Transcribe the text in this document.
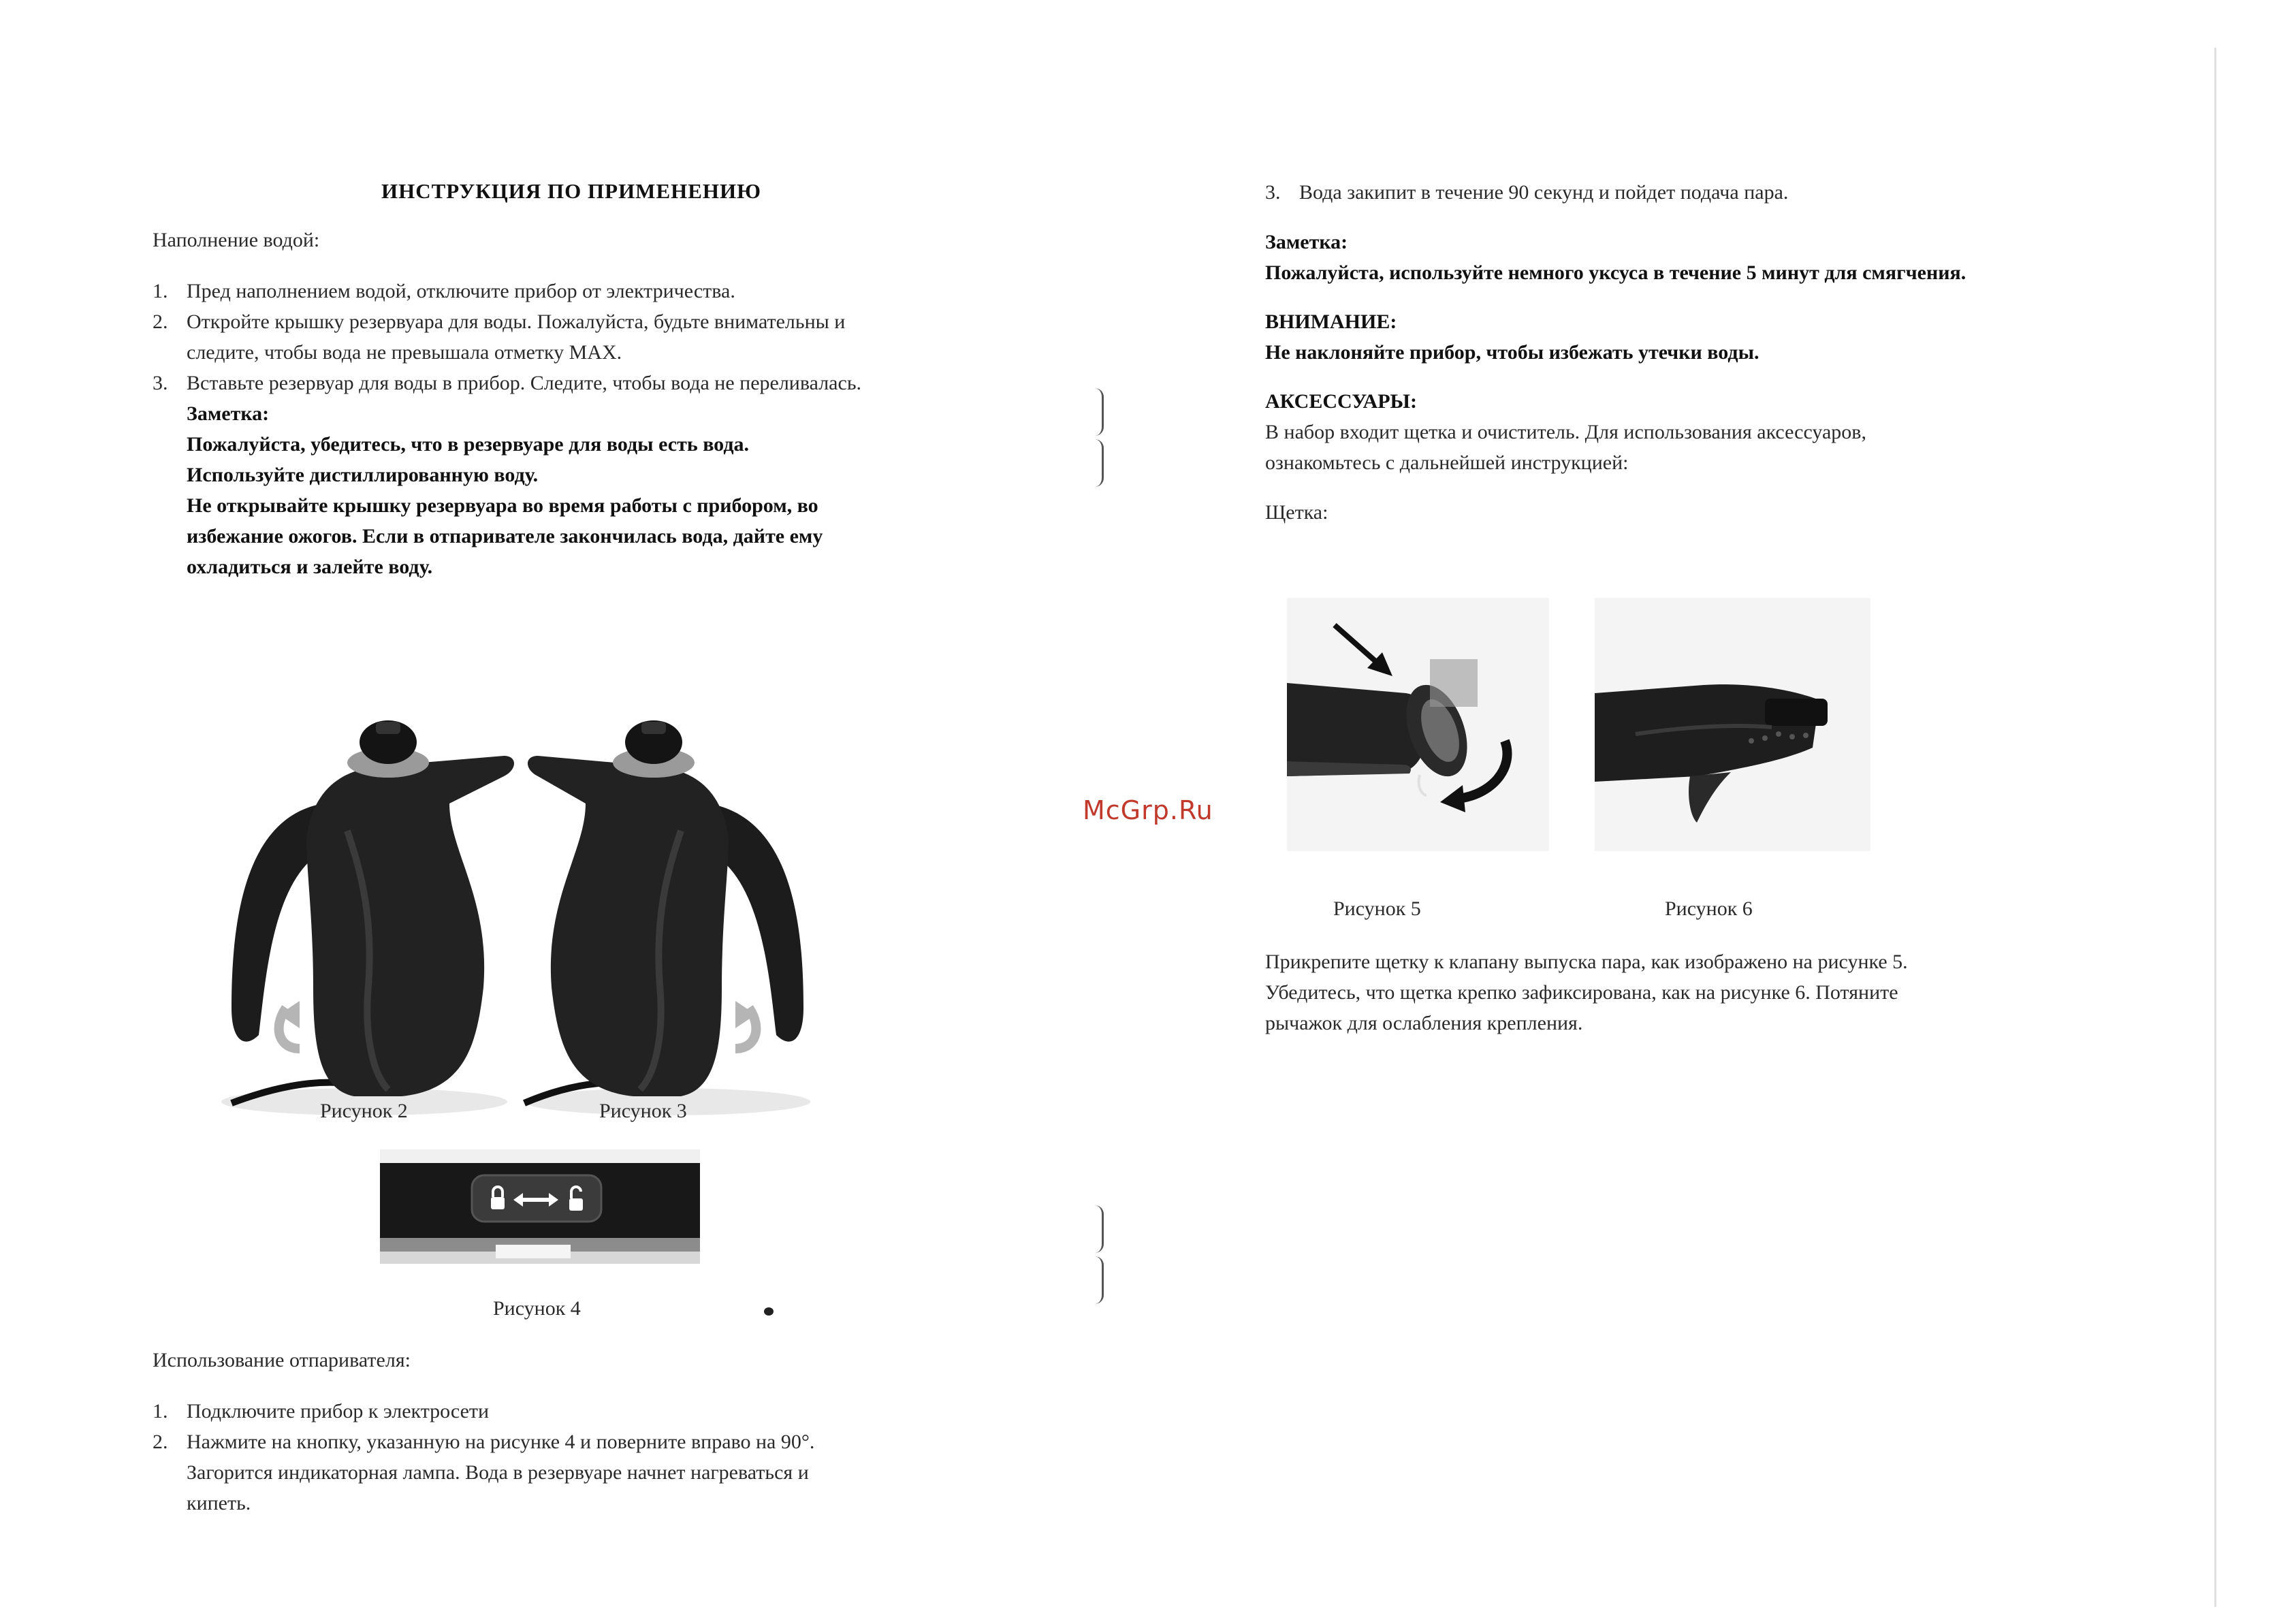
ИНСТРУКЦИЯ ПО ПРИМЕНЕНИЮ
Наполнение водой:
1. Пред наполнением водой, отключите прибор от электричества.
2. Откройте крышку резервуара для воды. Пожалуйста, будьте внимательны и
следите, чтобы вода не превышала отметку MAX.
3. Вставьте резервуар для воды в прибор. Следите, чтобы вода не переливалась.
Заметка:
Пожалуйста, убедитесь, что в резервуаре для воды есть вода.
Используйте дистиллированную воду.
Не открывайте крышку резервуара во время работы с прибором, во
избежание ожогов. Если в отпаривателе закончилась вода, дайте ему
охладиться и залейте воду.
Рисунок 2	Рисунок 3
Рисунок 4
Использование отпаривателя:
1. Подключите прибор к электросети
2. Нажмите на кнопку, указанную на рисунке 4 и поверните вправо на 90°.
Загорится индикаторная лампа. Вода в резервуаре начнет нагреваться и
кипеть.
McGrp.Ru
3. Вода закипит в течение 90 секунд и пойдет подача пара.
Заметка:
Пожалуйста, используйте немного уксуса в течение 5 минут для смягчения.
ВНИМАНИЕ:
Не наклоняйте прибор, чтобы избежать утечки воды.
АКСЕССУАРЫ:
В набор входит щетка и очиститель. Для использования аксессуаров,
ознакомьтесь с дальнейшей инструкцией:
Щетка:
Рисунок 5	Рисунок 6
Прикрепите щетку к клапану выпуска пара, как изображено на рисунке 5.
Убедитесь, что щетка крепко зафиксирована, как на рисунке 6. Потяните
рычажок для ослабления крепления.
